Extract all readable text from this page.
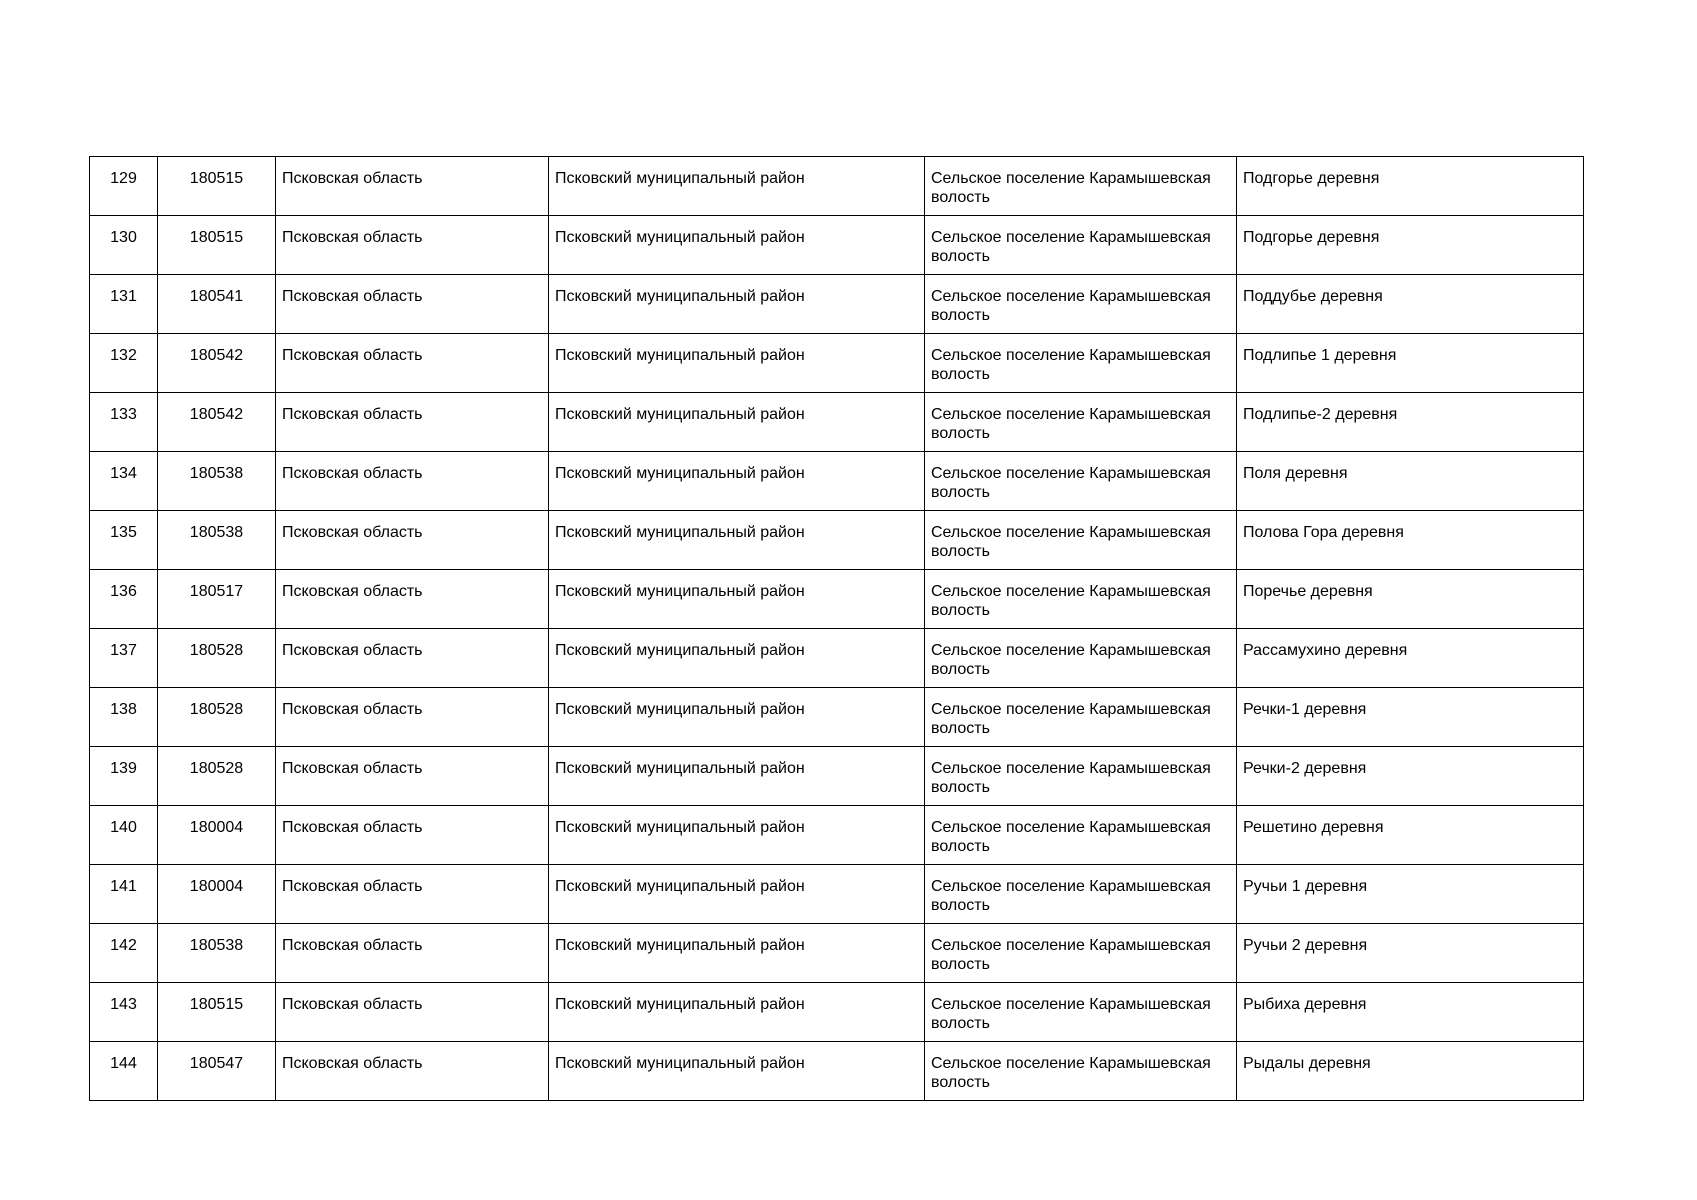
129	180515	Псковская область	Псковский муниципальный район	Сельское поселение Карамышевская волость	Подгорье деревня
130	180515	Псковская область	Псковский муниципальный район	Сельское поселение Карамышевская волость	Подгорье деревня
131	180541	Псковская область	Псковский муниципальный район	Сельское поселение Карамышевская волость	Поддубье деревня
132	180542	Псковская область	Псковский муниципальный район	Сельское поселение Карамышевская волость	Подлипье 1 деревня
133	180542	Псковская область	Псковский муниципальный район	Сельское поселение Карамышевская волость	Подлипье-2 деревня
134	180538	Псковская область	Псковский муниципальный район	Сельское поселение Карамышевская волость	Поля деревня
135	180538	Псковская область	Псковский муниципальный район	Сельское поселение Карамышевская волость	Полова Гора деревня
136	180517	Псковская область	Псковский муниципальный район	Сельское поселение Карамышевская волость	Поречье деревня
137	180528	Псковская область	Псковский муниципальный район	Сельское поселение Карамышевская волость	Рассамухино деревня
138	180528	Псковская область	Псковский муниципальный район	Сельское поселение Карамышевская волость	Речки-1 деревня
139	180528	Псковская область	Псковский муниципальный район	Сельское поселение Карамышевская волость	Речки-2 деревня
140	180004	Псковская область	Псковский муниципальный район	Сельское поселение Карамышевская волость	Решетино деревня
141	180004	Псковская область	Псковский муниципальный район	Сельское поселение Карамышевская волость	Ручьи 1 деревня
142	180538	Псковская область	Псковский муниципальный район	Сельское поселение Карамышевская волость	Ручьи 2 деревня
143	180515	Псковская область	Псковский муниципальный район	Сельское поселение Карамышевская волость	Рыбиха деревня
144	180547	Псковская область	Псковский муниципальный район	Сельское поселение Карамышевская волость	Рыдалы деревня
